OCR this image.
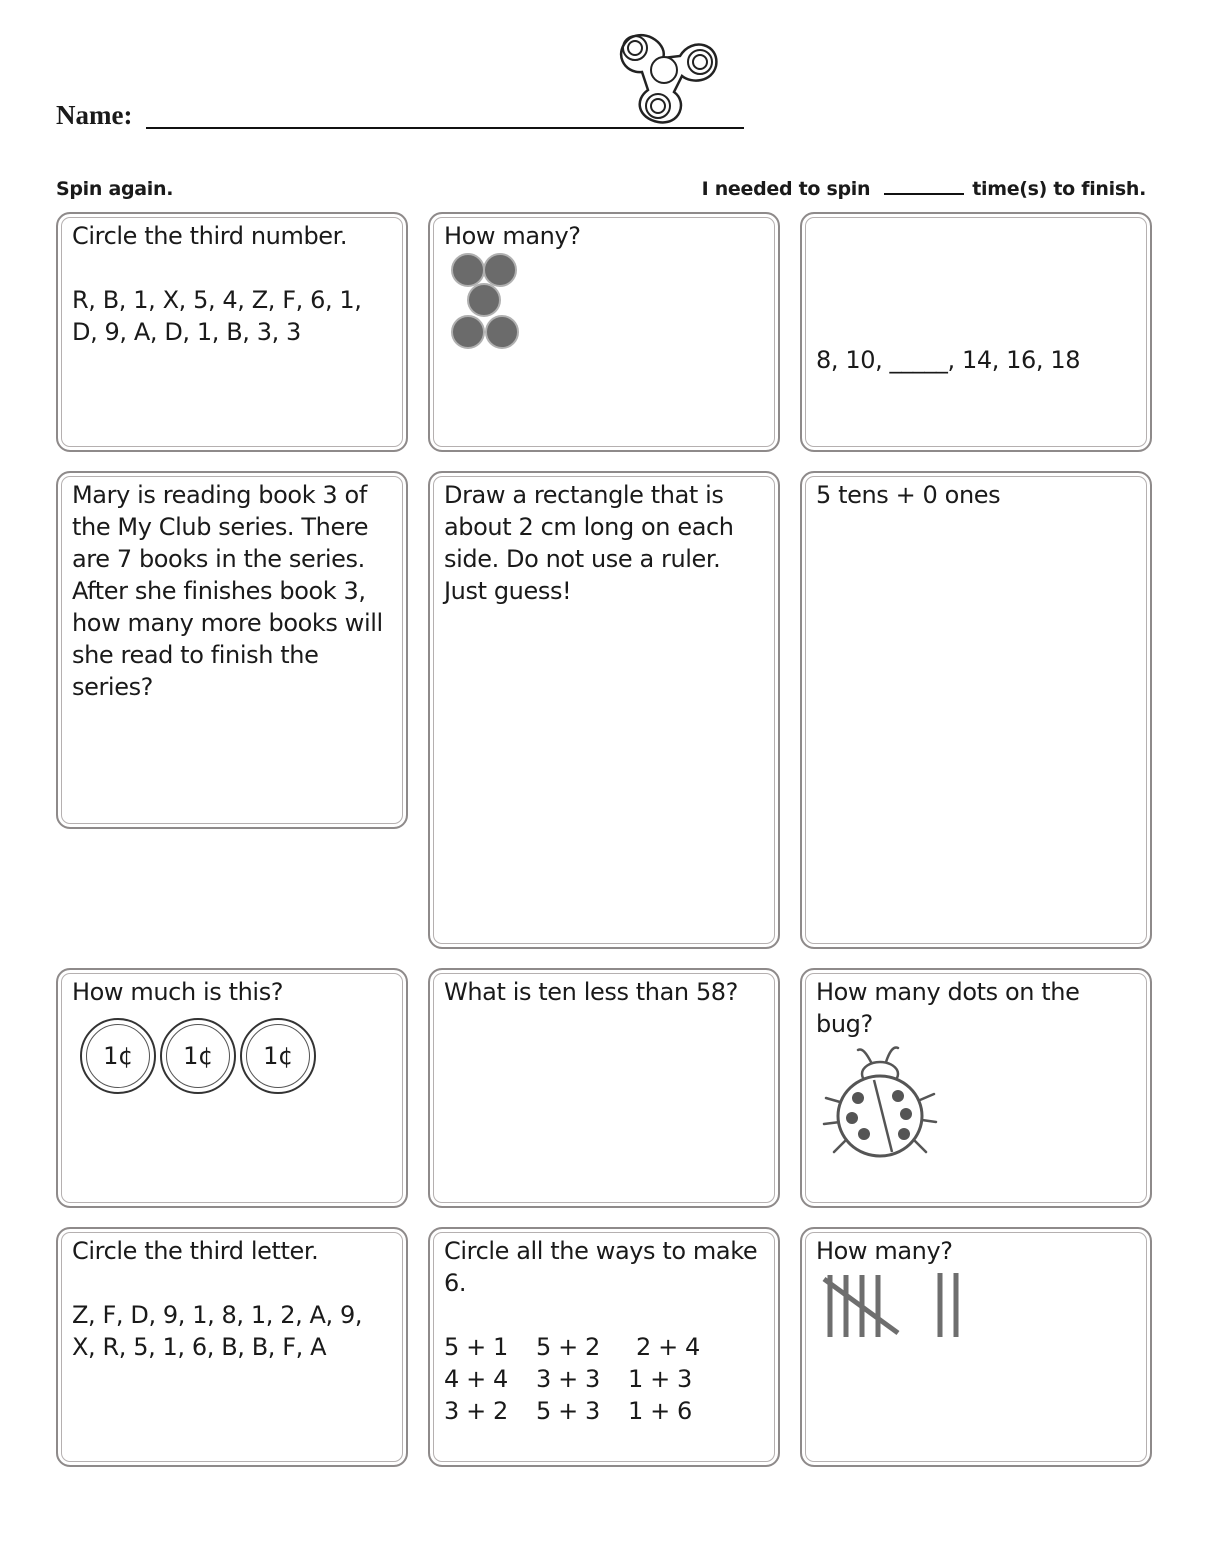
Name:
Spin again.	I needed to spin	time(s) to finish.
Circle the third number.
R, B, 1, X, 5, 4, Z, F, 6, 1,
D, 9, A, D, 1, B, 3, 3
How many?
8, 10, _____, 14, 16, 18
Mary is reading book 3 of the My Club series. There are 7 books in the series. After she finishes book 3, how many more books will she read to finish the series?
Draw a rectangle that is about 2 cm long on each side. Do not use a ruler. Just guess!
5 tens + 0 ones
How much is this?
1¢	1¢	1¢
What is ten less than 58?	How many dots on the bug?
Circle the third letter.
Z, F, D, 9, 1, 8, 1, 2, A, 9,
X, R, 5, 1, 6, B, B, F, A
Circle all the ways to make 6.
5 + 1	5 + 2	2 + 4
4 + 4	3 + 3	1 + 3
3 + 2	5 + 3	1 + 6
How many?
